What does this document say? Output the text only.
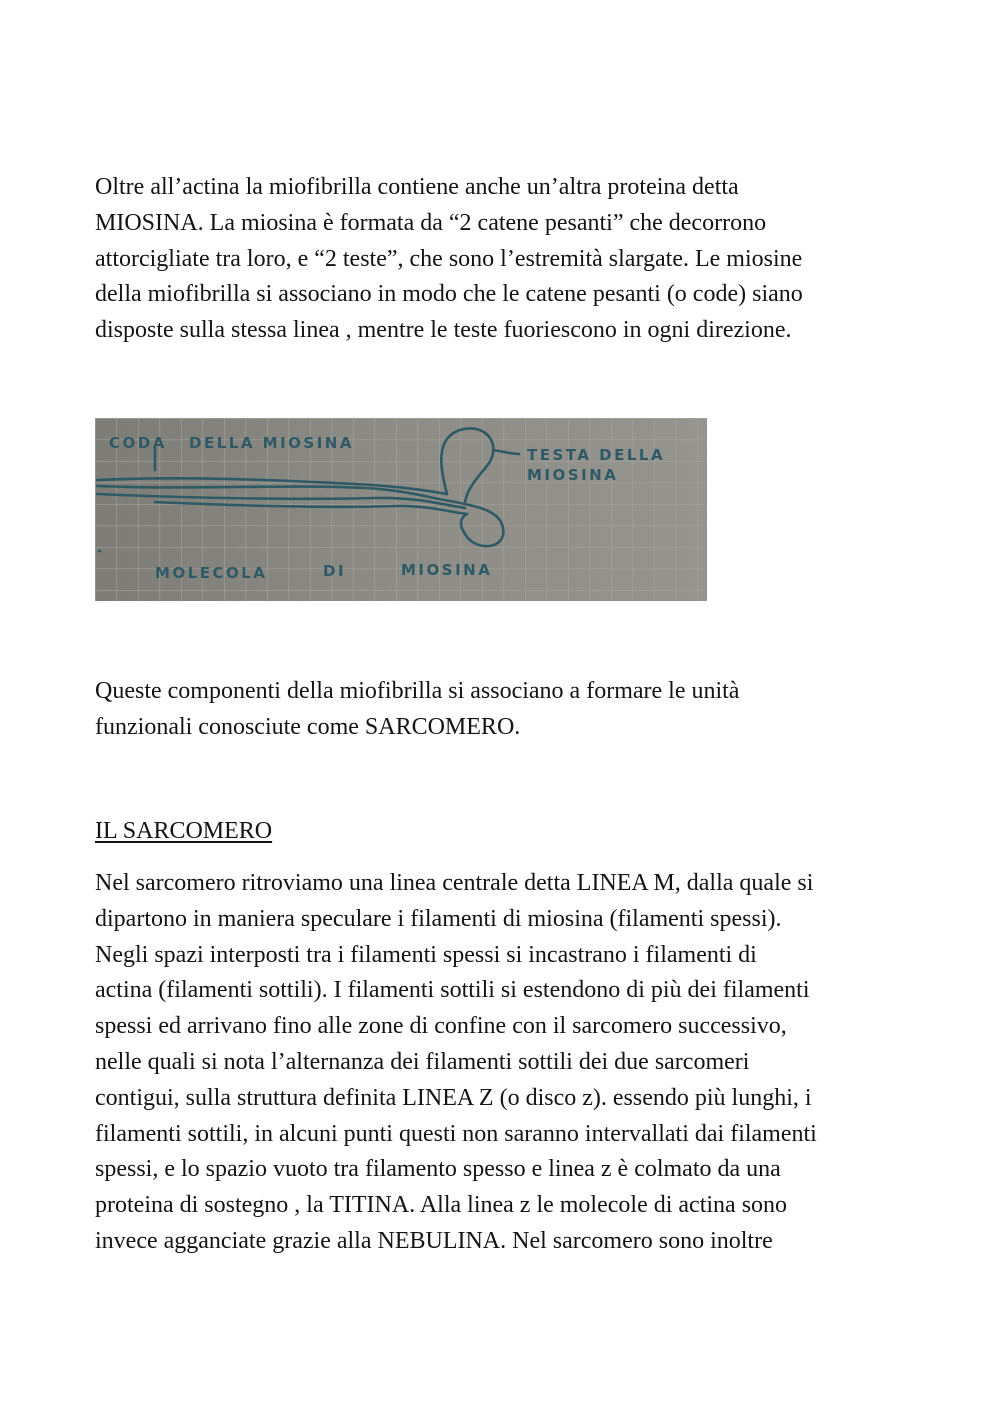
Oltre all’actina la miofibrilla contiene anche un’altra proteina detta
MIOSINA. La miosina è formata da “2 catene pesanti” che decorrono
attorcigliate tra loro, e “2 teste”, che sono l’estremità slargate. Le miosine
della miofibrilla si associano in modo che le catene pesanti (o code) siano
disposte sulla stessa linea , mentre le teste fuoriescono in ogni direzione.

CODA DELLA MIOSINA
TESTA DELLA
MIOSINA
MOLECOLA	DI	MIOSINA

Queste componenti della miofibrilla si associano a formare le unità
funzionali conosciute come SARCOMERO.

IL SARCOMERO

Nel sarcomero ritroviamo una linea centrale detta LINEA M, dalla quale si
dipartono in maniera speculare i filamenti di miosina (filamenti spessi).
Negli spazi interposti tra i filamenti spessi si incastrano i filamenti di
actina (filamenti sottili). I filamenti sottili si estendono di più dei filamenti
spessi ed arrivano fino alle zone di confine con il sarcomero successivo,
nelle quali si nota l’alternanza dei filamenti sottili dei due sarcomeri
contigui, sulla struttura definita LINEA Z (o disco z). essendo più lunghi, i
filamenti sottili, in alcuni punti questi non saranno intervallati dai filamenti
spessi, e lo spazio vuoto tra filamento spesso e linea z è colmato da una
proteina di sostegno , la TITINA. Alla linea z le molecole di actina sono
invece agganciate grazie alla NEBULINA. Nel sarcomero sono inoltre
